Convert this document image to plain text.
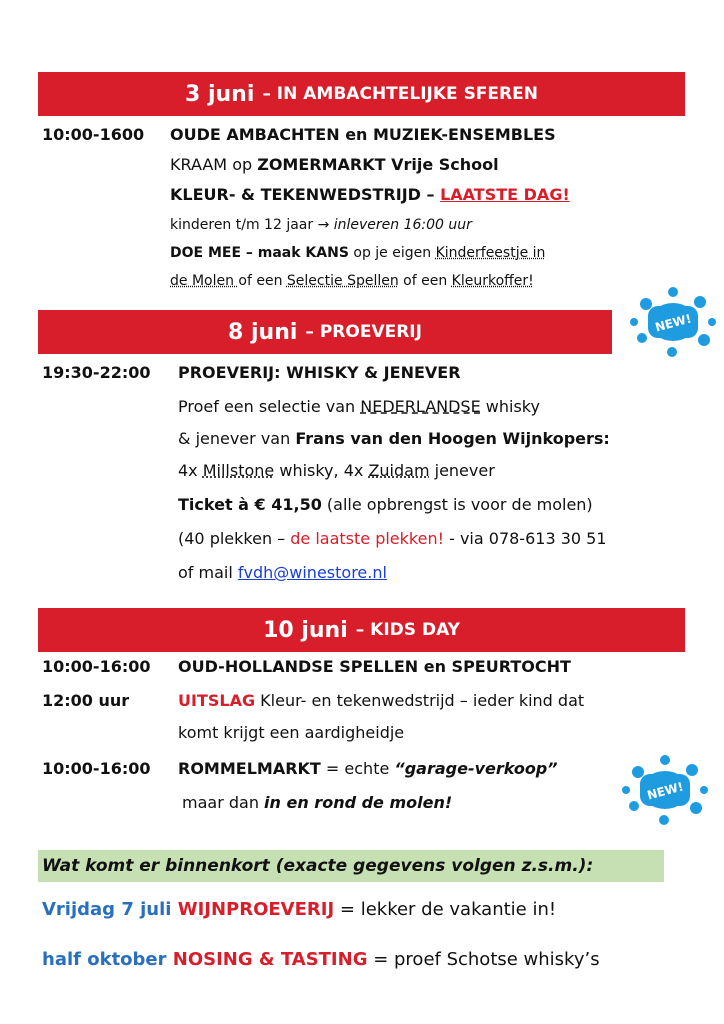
3 juni – IN AMBACHTELIJKE SFEREN
10:00-1600 OUDE AMBACHTEN en MUZIEK-ENSEMBLES
KRAAM op ZOMERMARKT Vrije School
KLEUR- & TEKENWEDSTRIJD – LAATSTE DAG!
kinderen t/m 12 jaar → inleveren 16:00 uur
DOE MEE – maak KANS op je eigen Kinderfeestje in
de Molen of een Selectie Spellen of een Kleurkoffer!
NEW!
8 juni – PROEVERIJ
19:30-22:00 PROEVERIJ: WHISKY & JENEVER
Proef een selectie van NEDERLANDSE whisky
& jenever van Frans van den Hoogen Wijnkopers:
4x Millstone whisky, 4x Zuidam jenever
Ticket à € 41,50 (alle opbrengst is voor de molen)
(40 plekken – de laatste plekken! - via 078-613 30 51
of mail fvdh@winestore.nl
10 juni – KIDS DAY
10:00-16:00 OUD-HOLLANDSE SPELLEN en SPEURTOCHT
12:00 uur	UITSLAG Kleur- en tekenwedstrijd – ieder kind dat
komt krijgt een aardigheidje
10:00-16:00 ROMMELMARKT = echte “garage-verkoop”
maar dan in en rond de molen!	NEW!
Wat komt er binnenkort (exacte gegevens volgen z.s.m.):
Vrijdag 7 juli WIJNPROEVERIJ = lekker de vakantie in!
half oktober NOSING & TASTING = proef Schotse whisky’s
